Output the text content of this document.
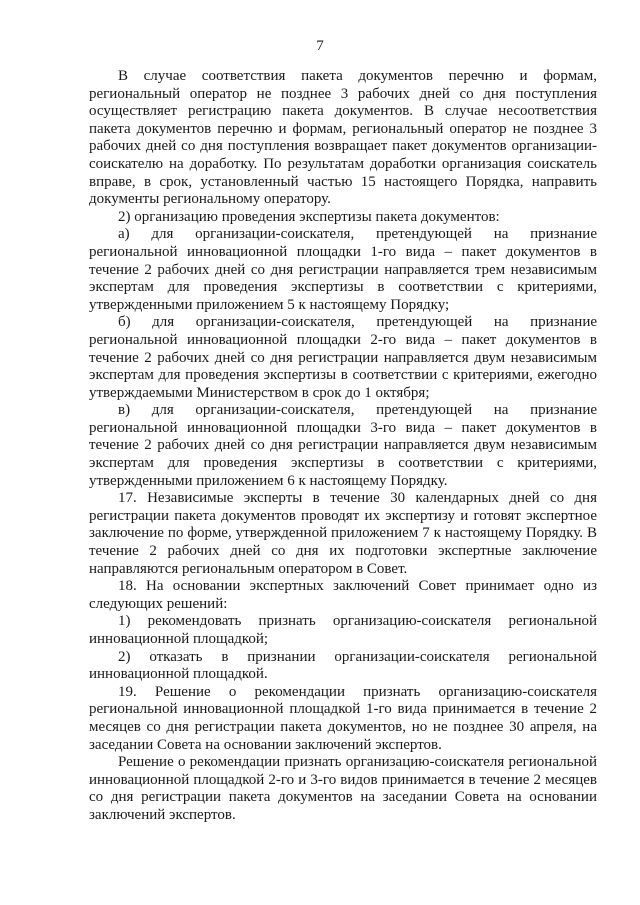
7

В случае соответствия пакета документов перечню и формам, региональный оператор не позднее 3 рабочих дней со дня поступления осуществляет регистрацию пакета документов. В случае несоответствия пакета документов перечню и формам, региональный оператор не позднее 3 рабочих дней со дня поступления возвращает пакет документов организации-соискателю на доработку. По результатам доработки организация соискатель вправе, в срок, установленный частью 15 настоящего Порядка, направить документы региональному оператору.

2) организацию проведения экспертизы пакета документов:

а) для организации-соискателя, претендующей на признание региональной инновационной площадки 1-го вида – пакет документов в течение 2 рабочих дней со дня регистрации направляется трем независимым экспертам для проведения экспертизы в соответствии с критериями, утвержденными приложением 5 к настоящему Порядку;

б) для организации-соискателя, претендующей на признание региональной инновационной площадки 2-го вида – пакет документов в течение 2 рабочих дней со дня регистрации направляется двум независимым экспертам для проведения экспертизы в соответствии с критериями, ежегодно утверждаемыми Министерством в срок до 1 октября;

в) для организации-соискателя, претендующей на признание региональной инновационной площадки 3-го вида – пакет документов в течение 2 рабочих дней со дня регистрации направляется двум независимым экспертам для проведения экспертизы в соответствии с критериями, утвержденными приложением 6 к настоящему Порядку.

17. Независимые эксперты в течение 30 календарных дней со дня регистрации пакета документов проводят их экспертизу и готовят экспертное заключение по форме, утвержденной приложением 7 к настоящему Порядку. В течение 2 рабочих дней со дня их подготовки экспертные заключение направляются региональным оператором в Совет.

18. На основании экспертных заключений Совет принимает одно из следующих решений:

1) рекомендовать признать организацию-соискателя региональной инновационной площадкой;

2) отказать в признании организации-соискателя региональной инновационной площадкой.

19. Решение о рекомендации признать организацию-соискателя региональной инновационной площадкой 1-го вида принимается в течение 2 месяцев со дня регистрации пакета документов, но не позднее 30 апреля, на заседании Совета на основании заключений экспертов.

Решение о рекомендации признать организацию-соискателя региональной инновационной площадкой 2-го и 3-го видов принимается в течение 2 месяцев со дня регистрации пакета документов на заседании Совета на основании заключений экспертов.
